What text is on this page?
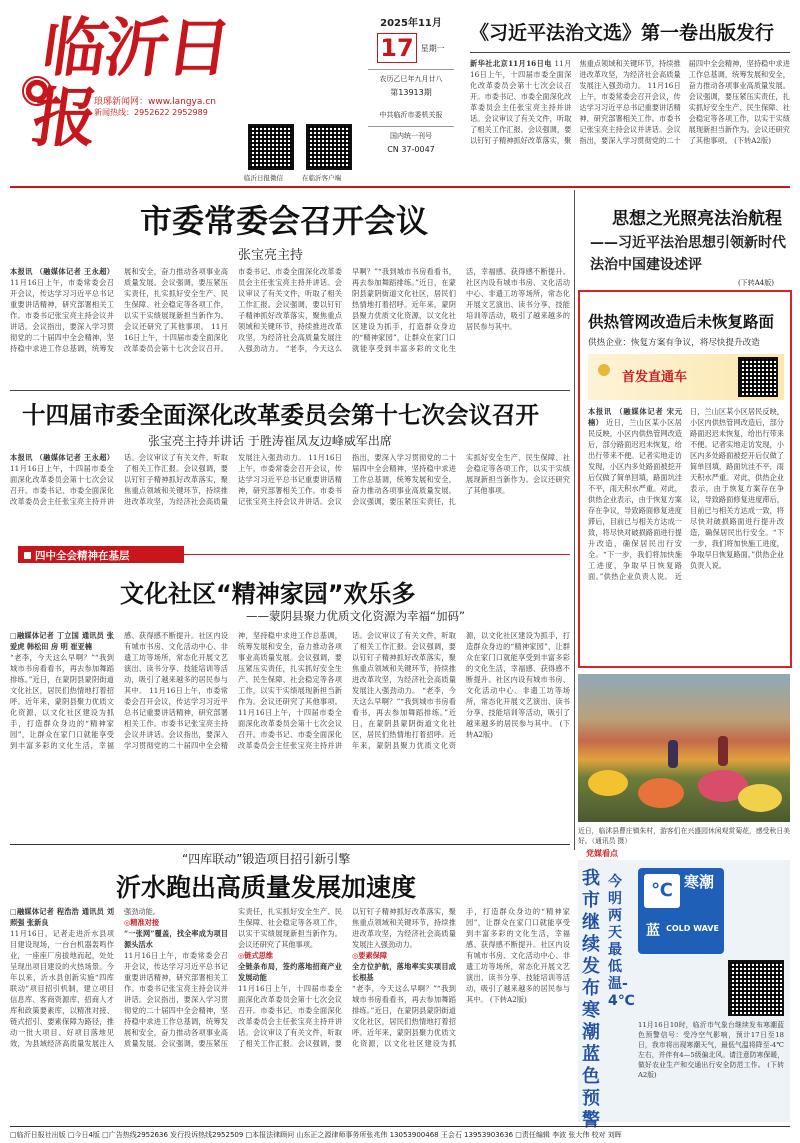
临沂日报
琅琊新闻网：www.langya.cn
新闻热线：2952622 2952989
2025年11月
17 星期一
农历乙巳年九月廿八
第13913期
中共临沂市委机关报
国内统一刊号
CN 37-0047
临沂日报微信	在临沂客户端
《习近平法治文选》第一卷出版发行
新华社北京11月16日电 11月16日上午，十四届市委全面深化改革委员会第十七次会议召开。市委书记、市委全面深化改革委员会主任张宝亮主持并讲话。会议审议了有关文件，听取了相关工作汇报。会议强调，要以钉钉子精神抓好改革落实，聚焦重点领域和关键环节，持续推进改革攻坚，为经济社会高质量发展注入强劲动力。 11月16日上午，市委常委会召开会议，传达学习习近平总书记重要讲话精神，研究部署相关工作。市委书记张宝亮主持会议并讲话。会议指出，要深入学习贯彻党的二十届四中全会精神，坚持稳中求进工作总基调，统筹发展和安全，奋力推动各项事业高质量发展。会议强调，要压紧压实责任，扎实抓好安全生产、民生保障、社会稳定等各项工作，以实干实绩展现新担当新作为。会议还研究了其他事项。 (下转A2版)
市委常委会召开会议
张宝亮主持
本报讯 （融媒体记者 王永超） 11月16日上午，市委常委会召开会议，传达学习习近平总书记重要讲话精神，研究部署相关工作。市委书记张宝亮主持会议并讲话。会议指出，要深入学习贯彻党的二十届四中全会精神，坚持稳中求进工作总基调，统筹发展和安全，奋力推动各项事业高质量发展。会议强调，要压紧压实责任，扎实抓好安全生产、民生保障、社会稳定等各项工作，以实干实绩展现新担当新作为。会议还研究了其他事项。 11月16日上午，十四届市委全面深化改革委员会第十七次会议召开。市委书记、市委全面深化改革委员会主任张宝亮主持并讲话。会议审议了有关文件，听取了相关工作汇报。会议强调，要以钉钉子精神抓好改革落实，聚焦重点领域和关键环节，持续推进改革攻坚，为经济社会高质量发展注入强劲动力。 “老李，今天这么早啊？”“我到城市书房看看书，再去参加舞蹈排练。”近日，在蒙阴县蒙阴街道文化社区，居民们热情地打着招呼。近年来，蒙阴县聚力优质文化资源，以文化社区建设为抓手，打造群众身边的“精神家园”，让群众在家门口就能享受到丰富多彩的文化生活，幸福感、获得感不断提升。社区内设有城市书房、文化活动中心、非遗工坊等场所，常态化开展文艺演出、读书分享、技能培训等活动，吸引了越来越多的居民参与其中。
十四届市委全面深化改革委员会第十七次会议召开
张宝亮主持并讲话 于胜涛崔凤友边峰威军出席
本报讯 （融媒体记者 王永超） 11月16日上午，十四届市委全面深化改革委员会第十七次会议召开。市委书记、市委全面深化改革委员会主任张宝亮主持并讲话。会议审议了有关文件，听取了相关工作汇报。会议强调，要以钉钉子精神抓好改革落实，聚焦重点领域和关键环节，持续推进改革攻坚，为经济社会高质量发展注入强劲动力。 11月16日上午，市委常委会召开会议，传达学习习近平总书记重要讲话精神，研究部署相关工作。市委书记张宝亮主持会议并讲话。会议指出，要深入学习贯彻党的二十届四中全会精神，坚持稳中求进工作总基调，统筹发展和安全，奋力推动各项事业高质量发展。会议强调，要压紧压实责任，扎实抓好安全生产、民生保障、社会稳定等各项工作，以实干实绩展现新担当新作为。会议还研究了其他事项。
四中全会精神在基层
文化社区“精神家园”欢乐多
——蒙阴县聚力优质文化资源为幸福“加码”
□融媒体记者 丁立国 通讯员 张爱虎 韩松田 房 明 崔亚楠
“老李，今天这么早啊？”“我到城市书房看看书，再去参加舞蹈排练。”近日，在蒙阴县蒙阴街道文化社区，居民们热情地打着招呼。近年来，蒙阴县聚力优质文化资源，以文化社区建设为抓手，打造群众身边的“精神家园”，让群众在家门口就能享受到丰富多彩的文化生活，幸福感、获得感不断提升。社区内设有城市书房、文化活动中心、非遗工坊等场所，常态化开展文艺演出、读书分享、技能培训等活动，吸引了越来越多的居民参与其中。 11月16日上午，市委常委会召开会议，传达学习习近平总书记重要讲话精神，研究部署相关工作。市委书记张宝亮主持会议并讲话。会议指出，要深入学习贯彻党的二十届四中全会精神，坚持稳中求进工作总基调，统筹发展和安全，奋力推动各项事业高质量发展。会议强调，要压紧压实责任，扎实抓好安全生产、民生保障、社会稳定等各项工作，以实干实绩展现新担当新作为。会议还研究了其他事项。 11月16日上午，十四届市委全面深化改革委员会第十七次会议召开。市委书记、市委全面深化改革委员会主任张宝亮主持并讲话。会议审议了有关文件，听取了相关工作汇报。会议强调，要以钉钉子精神抓好改革落实，聚焦重点领域和关键环节，持续推进改革攻坚，为经济社会高质量发展注入强劲动力。 “老李，今天这么早啊？”“我到城市书房看看书，再去参加舞蹈排练。”近日，在蒙阴县蒙阴街道文化社区，居民们热情地打着招呼。近年来，蒙阴县聚力优质文化资源，以文化社区建设为抓手，打造群众身边的“精神家园”，让群众在家门口就能享受到丰富多彩的文化生活，幸福感、获得感不断提升。社区内设有城市书房、文化活动中心、非遗工坊等场所，常态化开展文艺演出、读书分享、技能培训等活动，吸引了越来越多的居民参与其中。 (下转A2版)
近日，临沭县曹庄镇朱村，游客们在兴盛园休闲观赏菊花，感受秋日美好。（通讯员 摄）
“四库联动”锻造项目招引新引擎
沂水跑出高质量发展加速度
□融媒体记者 程浩浩 通讯员 刘照强 张新良
11月16日，记者走进沂水县项目建设现场，一台台机器轰鸣作业，一座座厂房拔地而起，处处呈现出项目建设的火热场景。今年以来，沂水县创新实施“四库联动”项目招引机制，建立项目信息库、客商资源库、招商人才库和政策要素库，以精准对接、链式招引、要素保障为路径，推动一批大项目、好项目落地见效，为县域经济高质量发展注入强劲动能。
◎精准对接
“一张网”覆盖，找全率成为项目源头活水
11月16日上午，市委常委会召开会议，传达学习习近平总书记重要讲话精神，研究部署相关工作。市委书记张宝亮主持会议并讲话。会议指出，要深入学习贯彻党的二十届四中全会精神，坚持稳中求进工作总基调，统筹发展和安全，奋力推动各项事业高质量发展。会议强调，要压紧压实责任，扎实抓好安全生产、民生保障、社会稳定等各项工作，以实干实绩展现新担当新作为。会议还研究了其他事项。
◎链式思维
全链条布局，签约落地招商产业发展动能
11月16日上午，十四届市委全面深化改革委员会第十七次会议召开。市委书记、市委全面深化改革委员会主任张宝亮主持并讲话。会议审议了有关文件，听取了相关工作汇报。会议强调，要以钉钉子精神抓好改革落实，聚焦重点领域和关键环节，持续推进改革攻坚，为经济社会高质量发展注入强劲动力。
◎要素保障
全方位护航，落地率实实项目成长根基
“老李，今天这么早啊？”“我到城市书房看看书，再去参加舞蹈排练。”近日，在蒙阴县蒙阴街道文化社区，居民们热情地打着招呼。近年来，蒙阴县聚力优质文化资源，以文化社区建设为抓手，打造群众身边的“精神家园”，让群众在家门口就能享受到丰富多彩的文化生活，幸福感、获得感不断提升。社区内设有城市书房、文化活动中心、非遗工坊等场所，常态化开展文艺演出、读书分享、技能培训等活动，吸引了越来越多的居民参与其中。 (下转A2版)
思想之光照亮法治航程
——习近平法治思想引领新时代法治中国建设述评
(下转A4版)
供热管网改造后未恢复路面
供热企业：恢复方案有争议，将尽快提升改造
首发直通车
本报讯 （融媒体记者 宋元楠） 近日，兰山区某小区居民反映，小区内供热管网改造后，部分路面迟迟未恢复，给出行带来不便。记者实地走访发现，小区内多处路面被挖开后仅做了简单回填，路面坑洼不平，雨天积水严重。对此，供热企业表示，由于恢复方案存在争议，导致路面修复进度滞后，目前已与相关方达成一致，将尽快对破损路面进行提升改造，确保居民出行安全。“下一步，我们将加快施工进度，争取早日恢复路面。”供热企业负责人说。 近日，兰山区某小区居民反映，小区内供热管网改造后，部分路面迟迟未恢复，给出行带来不便。记者实地走访发现，小区内多处路面被挖开后仅做了简单回填，路面坑洼不平，雨天积水严重。对此，供热企业表示，由于恢复方案存在争议，导致路面修复进度滞后，目前已与相关方达成一致，将尽快对破损路面进行提升改造，确保居民出行安全。“下一步，我们将加快施工进度，争取早日恢复路面。”供热企业负责人说。
党媒看点
我市继续发布寒潮蓝色预警
今明两天最低温-4℃
℃ 寒潮
蓝 COLD WAVE
11月16日10时，临沂市气象台继续发布寒潮蓝色预警信号：受冷空气影响，预计17日至18日，我市将出现寒潮天气，最低气温将降至-4℃左右，并伴有4—5级偏北风。请注意防寒保暖，做好农业生产和交通出行安全防范工作。 (下转A2版)
□临沂日报社出版 □今日4版 □广告热线2952636 发行投诉热线2952509 □本报法律顾问 山东正之源律师事务所张兆伟 13053900468 王会石 13953903636 □责任编辑 李波 张大伟 校对 刘晖
